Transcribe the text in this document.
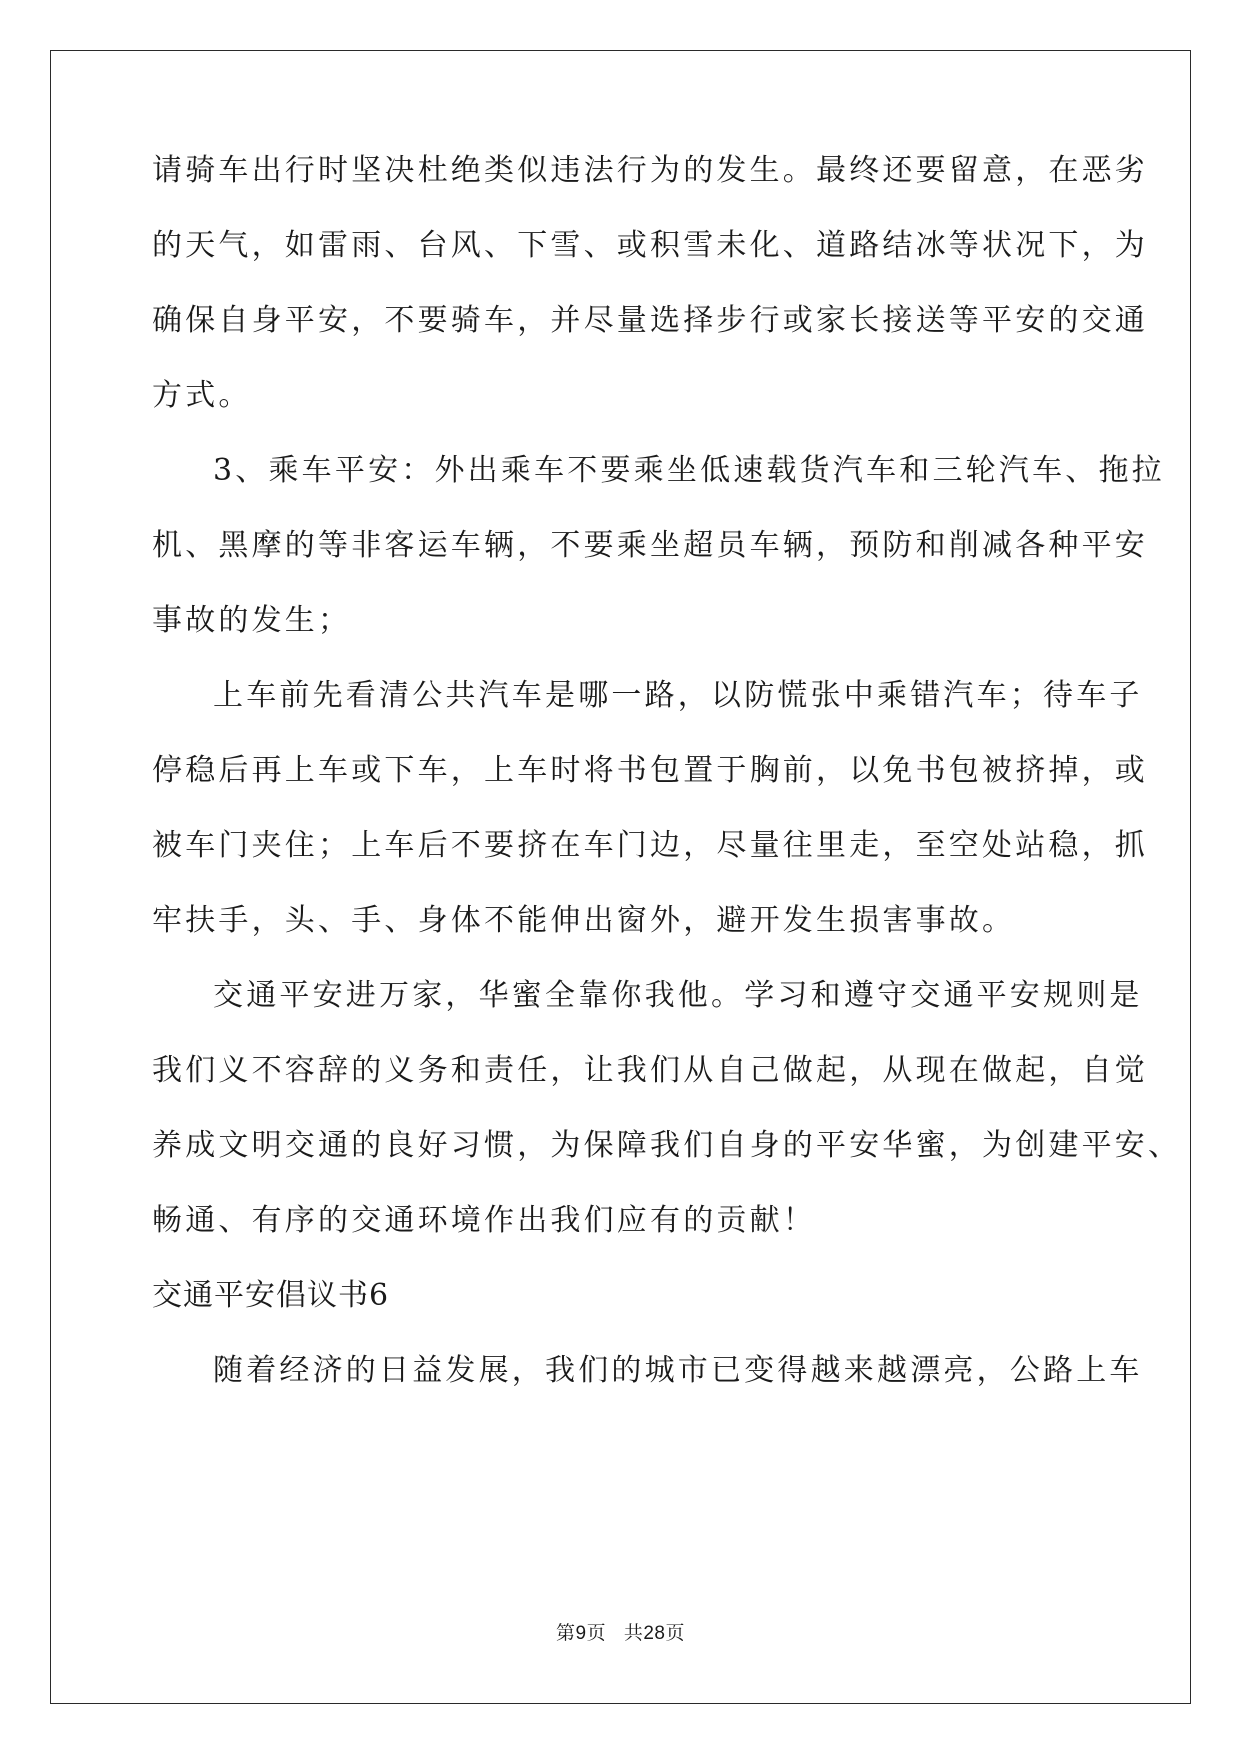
请骑车出行时坚决杜绝类似违法行为的发生。最终还要留意，在恶劣
的天气，如雷雨、台风、下雪、或积雪未化、道路结冰等状况下，为
确保自身平安，不要骑车，并尽量选择步行或家长接送等平安的交通
方式。
3、乘车平安：外出乘车不要乘坐低速载货汽车和三轮汽车、拖拉
机、黑摩的等非客运车辆，不要乘坐超员车辆，预防和削减各种平安
事故的发生；
上车前先看清公共汽车是哪一路，以防慌张中乘错汽车；待车子
停稳后再上车或下车，上车时将书包置于胸前，以免书包被挤掉，或
被车门夹住；上车后不要挤在车门边，尽量往里走，至空处站稳，抓
牢扶手，头、手、身体不能伸出窗外，避开发生损害事故。
交通平安进万家，华蜜全靠你我他。学习和遵守交通平安规则是
我们义不容辞的义务和责任，让我们从自己做起，从现在做起，自觉
养成文明交通的良好习惯，为保障我们自身的平安华蜜，为创建平安、
畅通、有序的交通环境作出我们应有的贡献！
交通平安倡议书6
随着经济的日益发展，我们的城市已变得越来越漂亮，公路上车
第9页 共28页
